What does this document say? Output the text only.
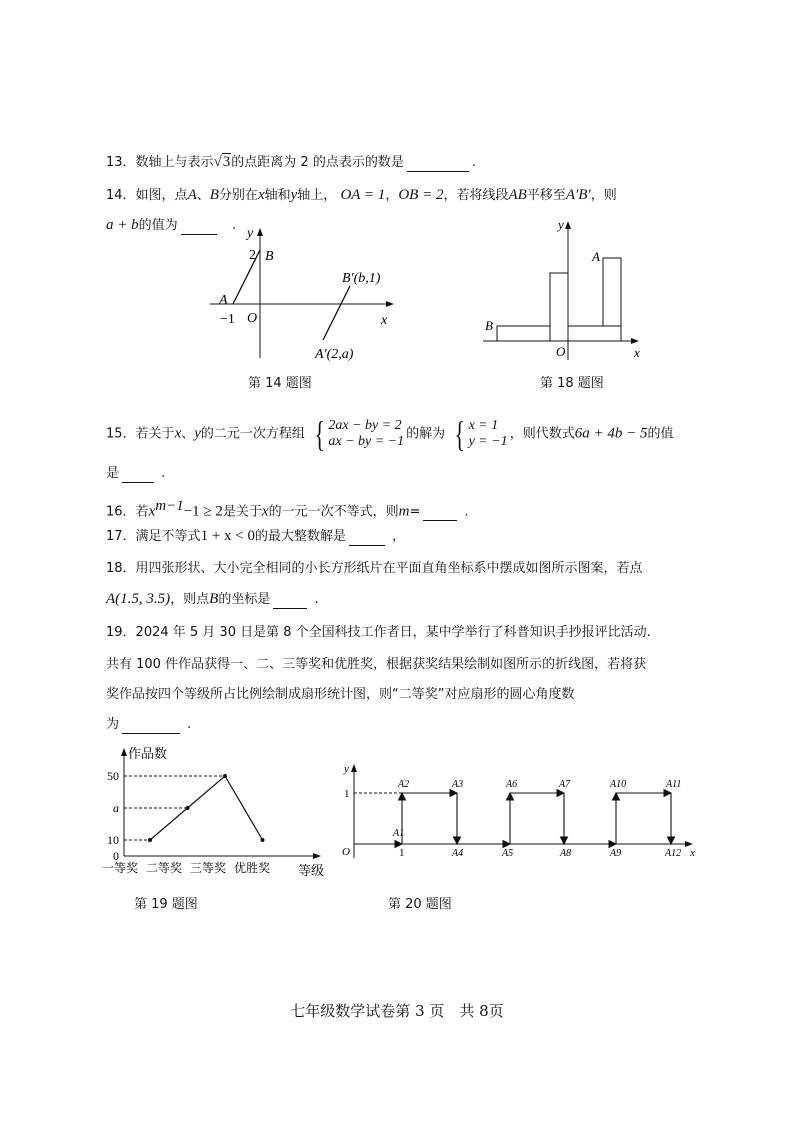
13．数轴上与表示√3的点距离为 2 的点表示的数是	.
14．如图，点A、B分别在x轴和y轴上， OA = 1，OB = 2，若将线段AB平移至A′B′，则
a + b的值为	.
y
2 B
A
−1 O	x
B′(b,1)
A′(2,a)
第 14 题图
y
A
B
O	x
第 18 题图
15．若关于x、y的二元一次方程组 { 2ax − by = 2
ax − by = −1 的解为 { x = 1
y = −1 ，则代数式6a + 4b − 5的值
是	.
16．若$x^{m-1}-1 \ge 2$是关于x的一元一次不等式，则m=	.
17．满足不等式1 + x < 0的最大整数解是	，
18．用四张形状、大小完全相同的小长方形纸片在平面直角坐标系中摆成如图所示图案，若点
A(1.5, 3.5)，则点B的坐标是	.
19．2024 年 5 月 30 日是第 8 个全国科技工作者日，某中学举行了科普知识手抄报评比活动.
共有 100 件作品获得一、二、三等奖和优胜奖，根据获奖结果绘制如图所示的折线图，若将获
奖作品按四个等级所占比例绘制成扇形统计图，则“二等奖”对应扇形的圆心角度数
为	.
作品数
等级
0
10
a
50
一等奖 二等奖 三等奖 优胜奖
第 19 题图
y
1
O	1	x
A1
A2	A3
A4	A5
A6	A7
A8	A9
A10	A11
A12
第 20 题图
七年级数学试卷第 3 页　共 8页
